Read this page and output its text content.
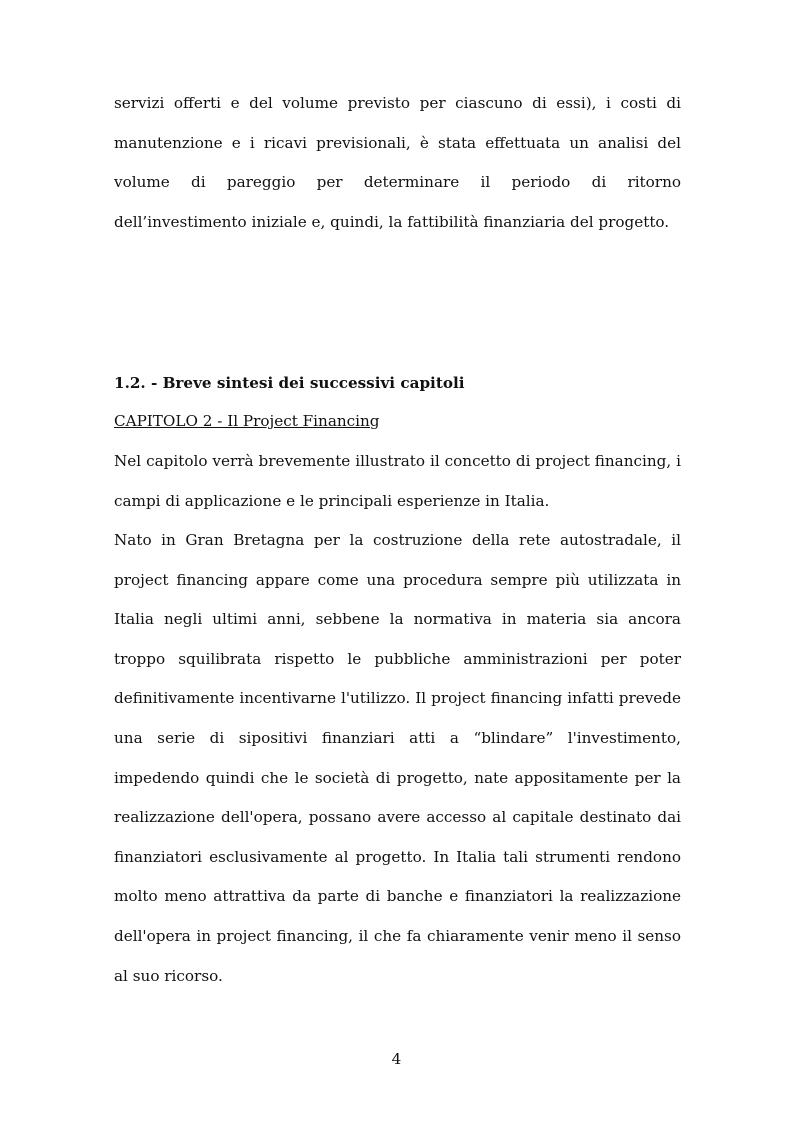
servizi offerti e del volume previsto per ciascuno di essi), i costi di manutenzione e i ricavi previsionali, è stata effettuata un analisi del volume di pareggio per determinare il periodo di ritorno dell’investimento iniziale e, quindi, la fattibilità finanziaria del progetto.

1.2. - Breve sintesi dei successivi capitoli
CAPITOLO 2 - Il Project Financing

Nel capitolo verrà brevemente illustrato il concetto di project financing, i campi di applicazione e le principali esperienze in Italia.

Nato in Gran Bretagna per la costruzione della rete autostradale, il project financing appare come una procedura sempre più utilizzata in Italia negli ultimi anni, sebbene la normativa in materia sia ancora troppo squilibrata rispetto le pubbliche amministrazioni per poter definitivamente incentivarne l'utilizzo. Il project financing infatti prevede una serie di sipositivi finanziari atti a “blindare” l'investimento, impedendo quindi che le società di progetto, nate appositamente per la realizzazione dell'opera, possano avere accesso al capitale destinato dai finanziatori esclusivamente al progetto. In Italia tali strumenti rendono molto meno attrattiva da parte di banche e finanziatori la realizzazione dell'opera in project financing, il che fa chiaramente venir meno il senso al suo ricorso.

4
